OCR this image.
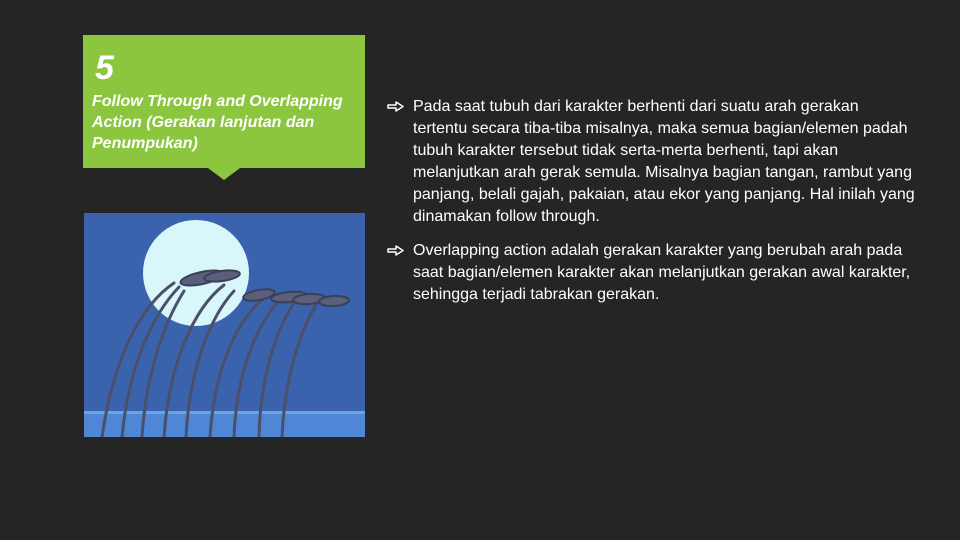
5
Follow Through and Overlapping Action (Gerakan lanjutan dan Penumpukan)
Pada saat tubuh dari karakter berhenti dari suatu arah gerakan tertentu secara tiba-tiba misalnya, maka semua bagian/elemen padah tubuh karakter tersebut tidak serta-merta berhenti, tapi akan melanjutkan arah gerak semula. Misalnya bagian tangan, rambut yang panjang, belali gajah, pakaian, atau ekor yang panjang. Hal inilah yang dinamakan follow through.
Overlapping action adalah gerakan karakter yang berubah arah pada saat bagian/elemen karakter akan melanjutkan gerakan awal karakter, sehingga terjadi tabrakan gerakan.
